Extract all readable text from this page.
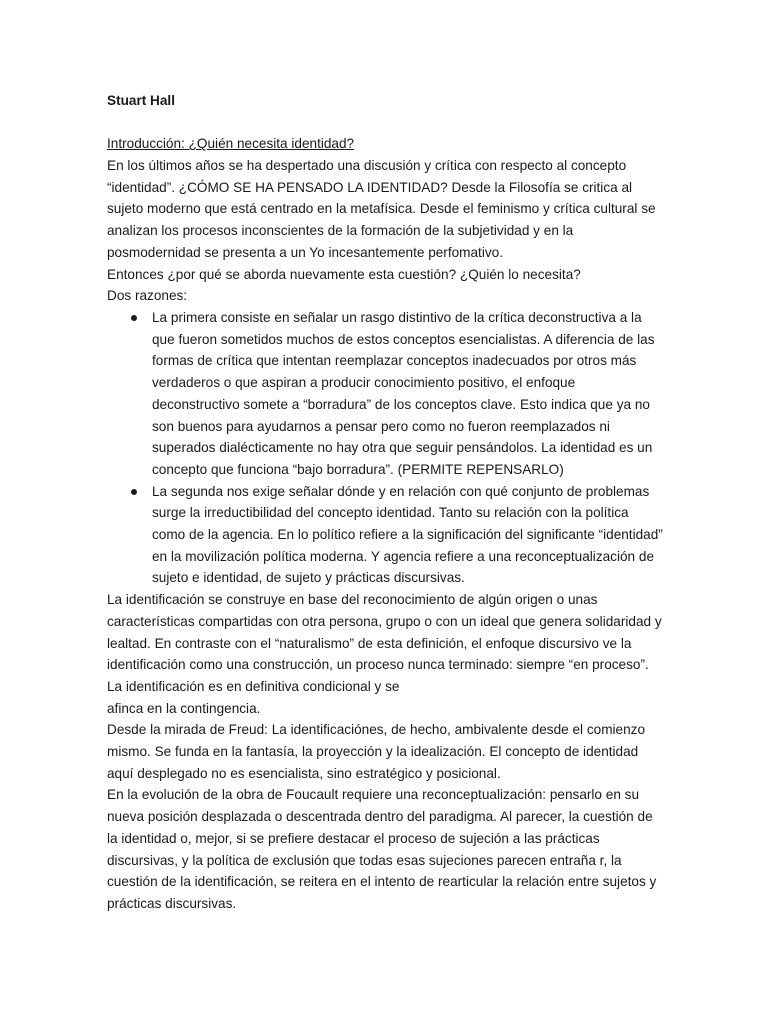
Stuart Hall

Introducción: ¿Quién necesita identidad?

En los últimos años se ha despertado una discusión y crítica con respecto al concepto “identidad”. ¿CÓMO SE HA PENSADO LA IDENTIDAD? Desde la Filosofía se critica al sujeto moderno que está centrado en la metafísica. Desde el feminismo y crítica cultural se analizan los procesos inconscientes de la formación de la subjetividad y en la posmodernidad se presenta a un Yo incesantemente perfomativo.

Entonces ¿por qué se aborda nuevamente esta cuestión? ¿Quién lo necesita?

Dos razones:

La primera consiste en señalar un rasgo distintivo de la crítica deconstructiva a la que fueron sometidos muchos de estos conceptos esencialistas. A diferencia de las formas de crítica que intentan reemplazar conceptos inadecuados por otros más verdaderos o que aspiran a producir conocimiento positivo, el enfoque deconstructivo somete a “borradura” de los conceptos clave. Esto indica que ya no son buenos para ayudarnos a pensar pero como no fueron reemplazados ni superados dialécticamente no hay otra que seguir pensándolos. La identidad es un concepto que funciona “bajo borradura”. (PERMITE REPENSARLO)
La segunda nos exige señalar dónde y en relación con qué conjunto de problemas surge la irreductibilidad del concepto identidad. Tanto su relación con la política como de la agencia. En lo político refiere a la significación del significante “identidad” en la movilización política moderna. Y agencia refiere a una reconceptualización de sujeto e identidad, de sujeto y prácticas discursivas.

La identificación se construye en base del reconocimiento de algún origen o unas características compartidas con otra persona, grupo o con un ideal que genera solidaridad y lealtad. En contraste con el “naturalismo” de esta definición, el enfoque discursivo ve la identificación como una construcción, un proceso nunca terminado: siempre “en proceso”. La identificación es en definitiva condicional y se

afinca en la contingencia.

Desde la mirada de Freud: La identificaciónes, de hecho, ambivalente desde el comienzo mismo. Se funda en la fantasía, la proyección y la idealización. El concepto de identidad aquí desplegado no es esencialista, sino estratégico y posicional.

En la evolución de la obra de Foucault requiere una reconceptualización: pensarlo en su nueva posición desplazada o descentrada dentro del paradigma. Al parecer, la cuestión de la identidad o, mejor, si se prefiere destacar el proceso de sujeción a las prácticas discursivas, y la política de exclusión que todas esas sujeciones parecen entraña r, la cuestión de la identificación, se reitera en el intento de rearticular la relación entre sujetos y prácticas discursivas.
